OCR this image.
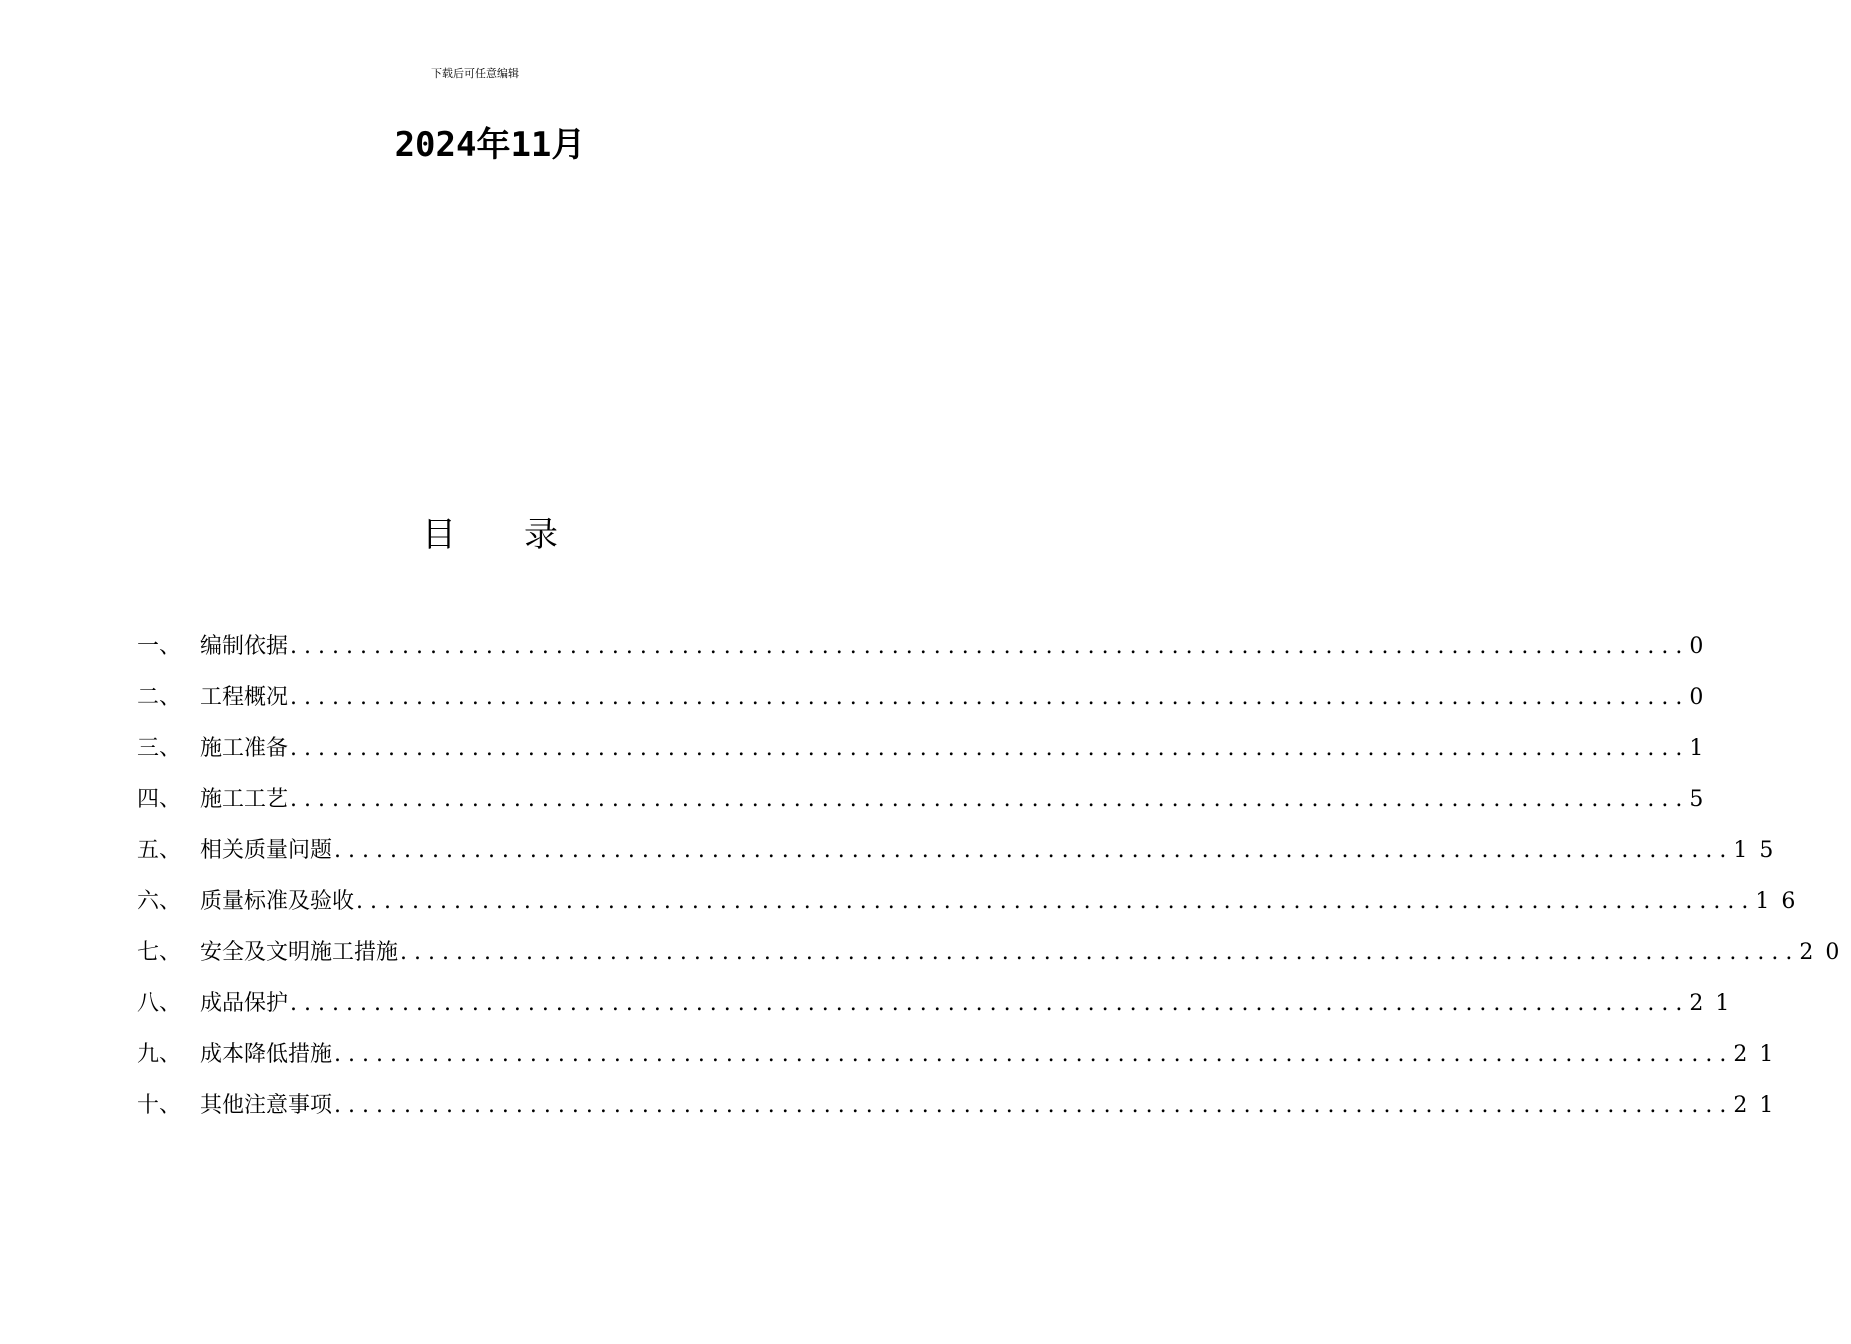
下载后可任意编辑
2024年11月
目录
一、 编制依据 .................................................................................................... 0
二、 工程概况 .................................................................................................... 0
三、 施工准备 .................................................................................................... 1
四、 施工工艺 .................................................................................................... 5
五、 相关质量问题 .................................................................................................... 15
六、 质量标准及验收 .................................................................................................... 16
七、 安全及文明施工措施 .................................................................................................... 20
八、 成品保护 .................................................................................................... 21
九、 成本降低措施 .................................................................................................... 21
十、 其他注意事项 .................................................................................................... 21
